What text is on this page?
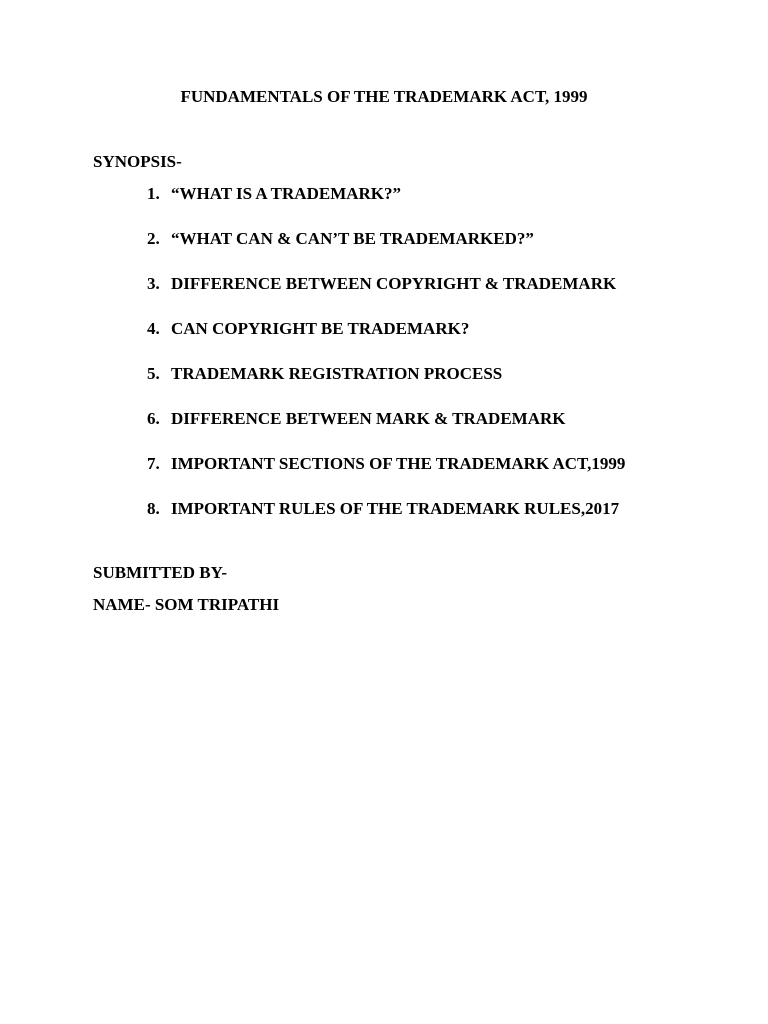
FUNDAMENTALS OF THE TRADEMARK ACT, 1999

SYNOPSIS-

1. “WHAT IS A TRADEMARK?”
2. “WHAT CAN & CAN’T BE TRADEMARKED?”
3. DIFFERENCE BETWEEN COPYRIGHT & TRADEMARK
4. CAN COPYRIGHT BE TRADEMARK?
5. TRADEMARK REGISTRATION PROCESS
6. DIFFERENCE BETWEEN MARK & TRADEMARK
7. IMPORTANT SECTIONS OF THE TRADEMARK ACT,1999
8. IMPORTANT RULES OF THE TRADEMARK RULES,2017

SUBMITTED BY-

NAME- SOM TRIPATHI
